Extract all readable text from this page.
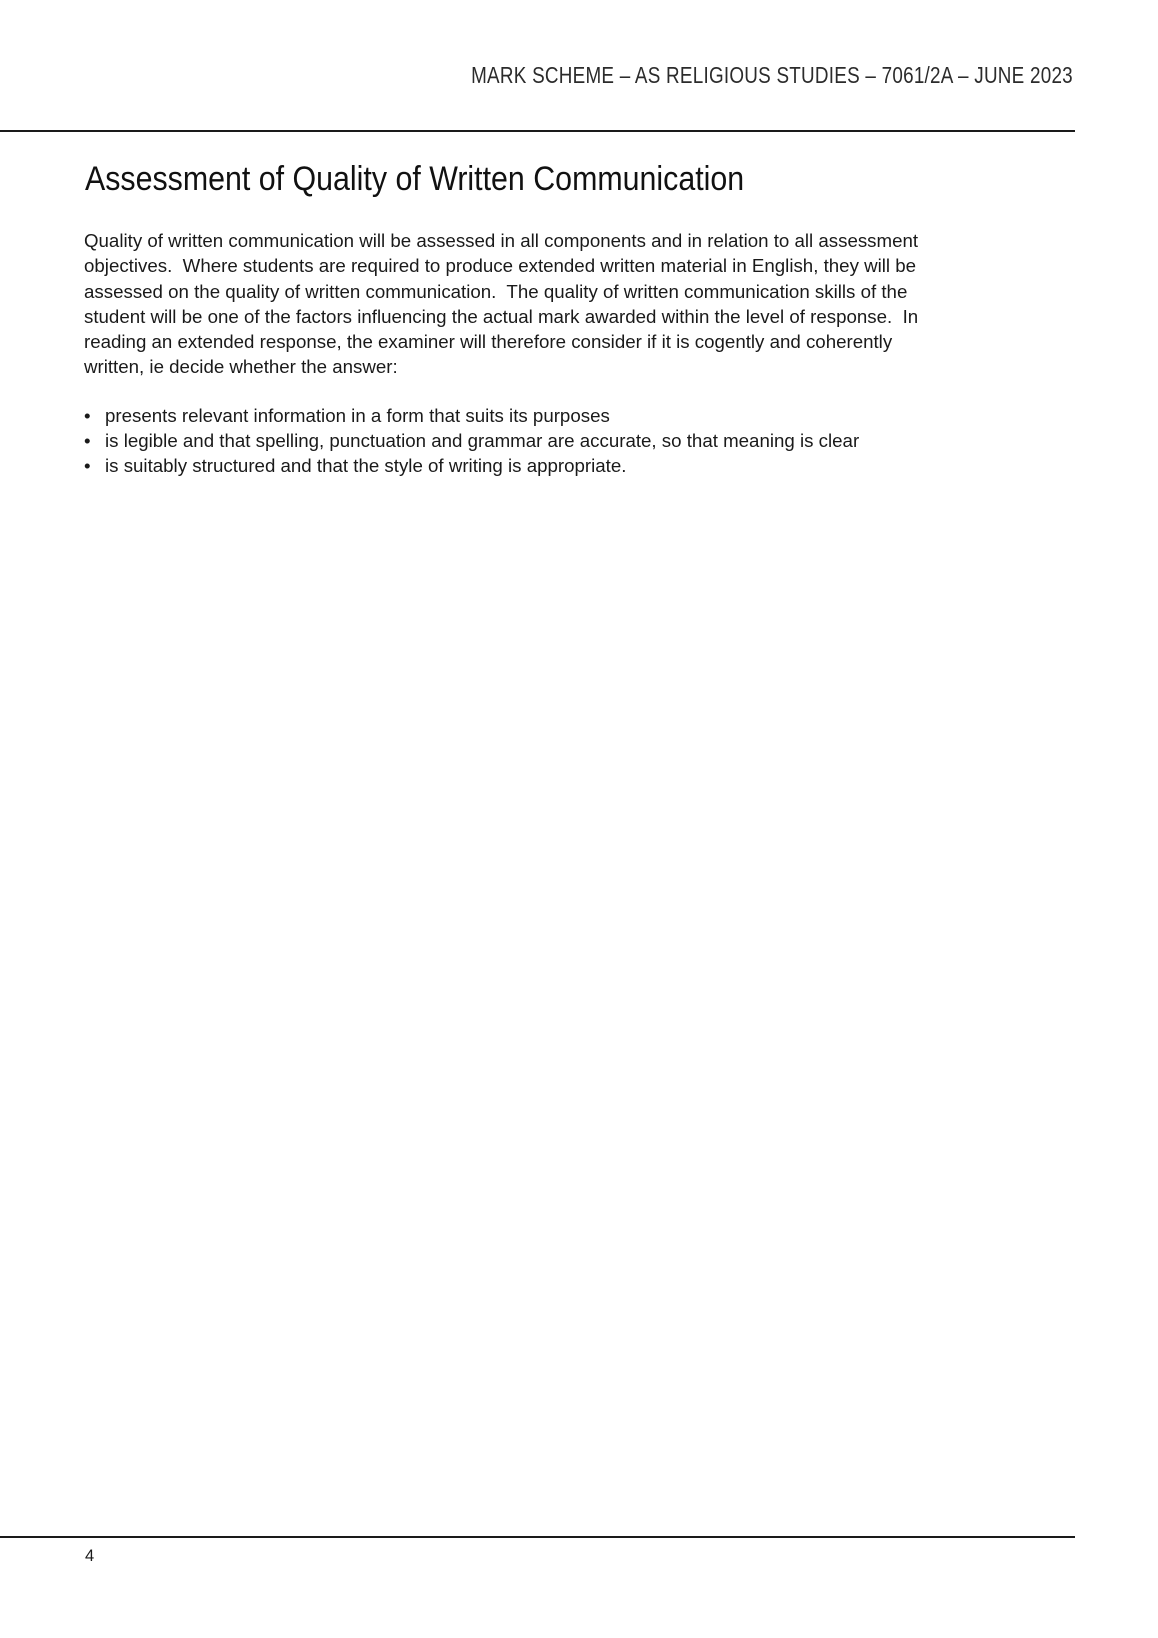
MARK SCHEME – AS RELIGIOUS STUDIES – 7061/2A – JUNE 2023
Assessment of Quality of Written Communication
Quality of written communication will be assessed in all components and in relation to all assessment
objectives.  Where students are required to produce extended written material in English, they will be
assessed on the quality of written communication.  The quality of written communication skills of the
student will be one of the factors influencing the actual mark awarded within the level of response.  In
reading an extended response, the examiner will therefore consider if it is cogently and coherently
written, ie decide whether the answer:
• presents relevant information in a form that suits its purposes
• is legible and that spelling, punctuation and grammar are accurate, so that meaning is clear
• is suitably structured and that the style of writing is appropriate.
4
